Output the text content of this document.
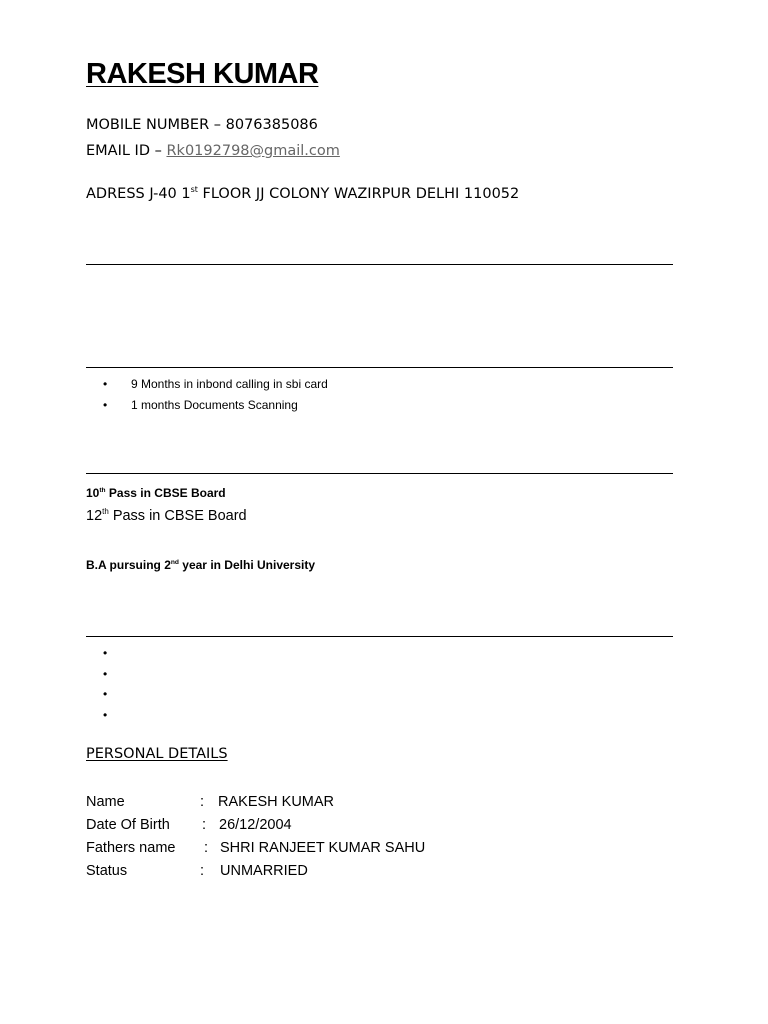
RAKESH KUMAR
MOBILE NUMBER – 8076385086
EMAIL ID – Rk0192798@gmail.com
ADRESS J-40 1st FLOOR JJ COLONY WAZIRPUR DELHI 110052
• 9 Months in inbond calling in sbi card
• 1 months Documents Scanning
10th Pass in CBSE Board
12th Pass in CBSE Board
B.A pursuing 2nd year in Delhi University
•
•
•
•
PERSONAL DETAILS
Name	: RAKESH KUMAR
Date Of Birth : 26/12/2004
Fathers name : SHRI RANJEET KUMAR SAHU
Status	: UNMARRIED
